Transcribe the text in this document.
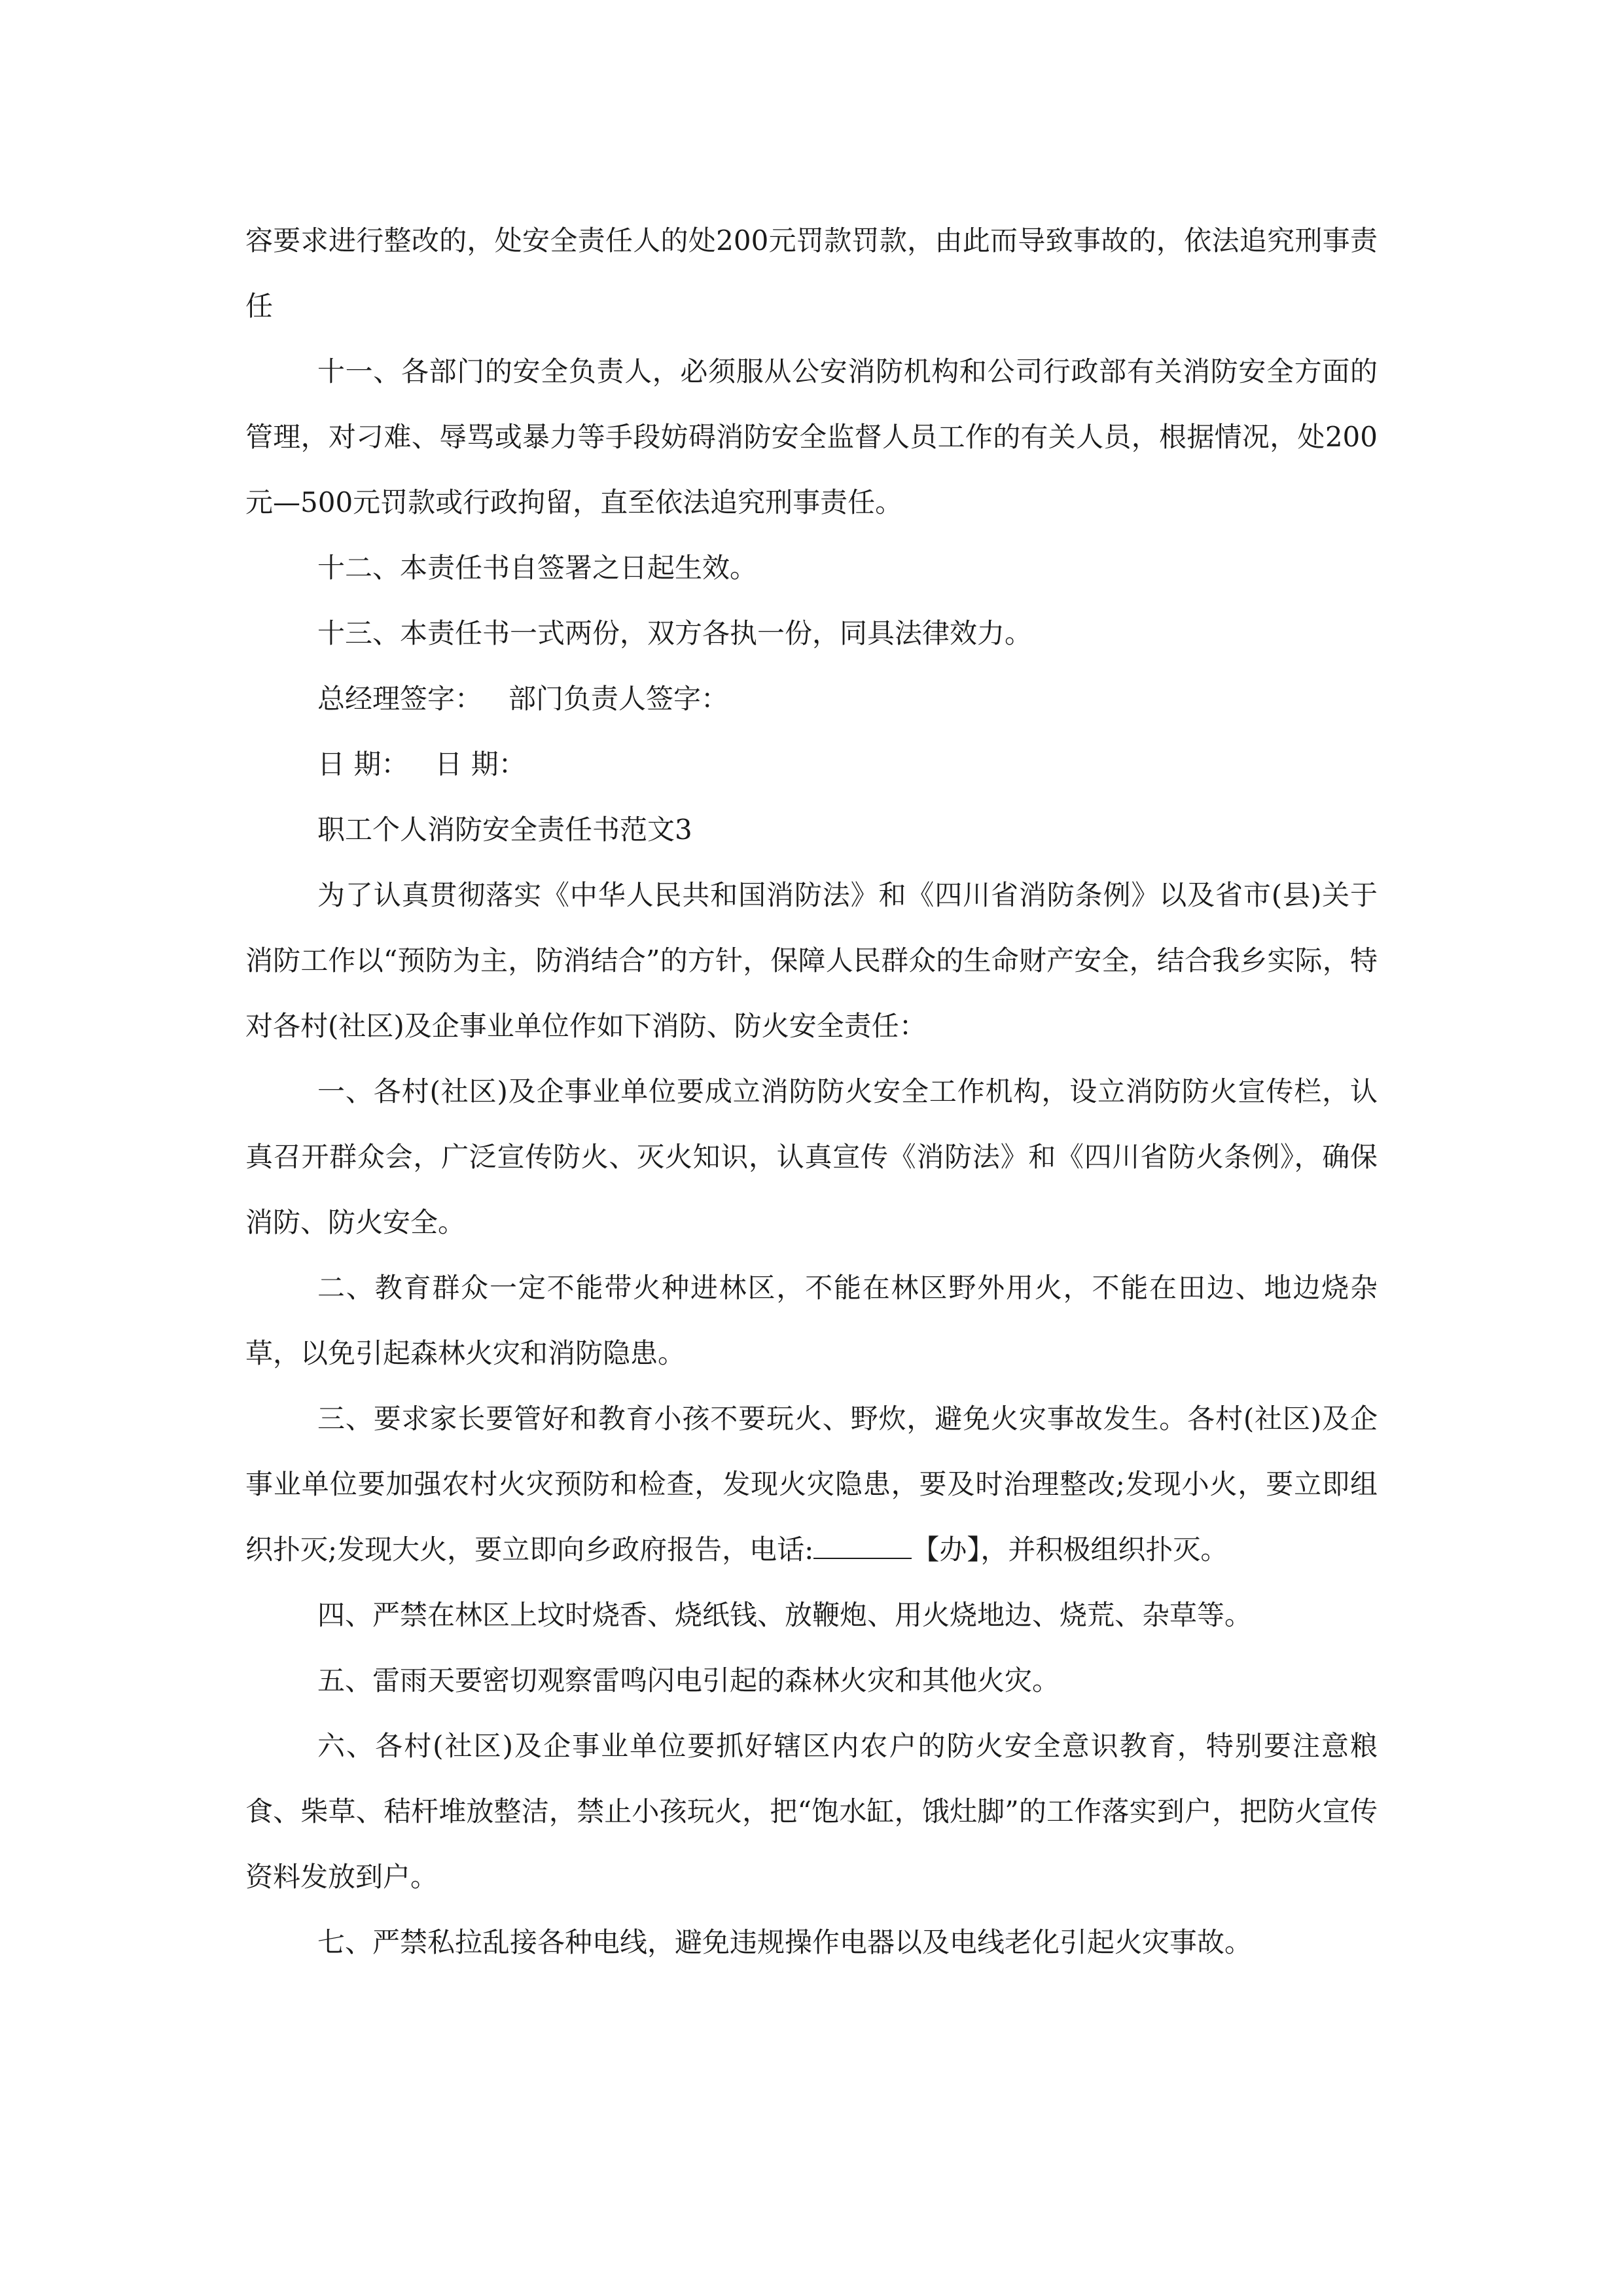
容要求进行整改的，处安全责任人的处200元罚款罚款，由此而导致事故的，依法追究刑事责任

十一、各部门的安全负责人，必须服从公安消防机构和公司行政部有关消防安全方面的管理，对刁难、辱骂或暴力等手段妨碍消防安全监督人员工作的有关人员，根据情况，处200元—500元罚款或行政拘留，直至依法追究刑事责任。

十二、本责任书自签署之日起生效。

十三、本责任书一式两份，双方各执一份，同具法律效力。

总经理签字： 部门负责人签字：

日 期： 日 期：

职工个人消防安全责任书范文3

为了认真贯彻落实《中华人民共和国消防法》和《四川省消防条例》以及省市(县)关于消防工作以“预防为主，防消结合”的方针，保障人民群众的生命财产安全，结合我乡实际，特对各村(社区)及企事业单位作如下消防、防火安全责任：

一、各村(社区)及企事业单位要成立消防防火安全工作机构，设立消防防火宣传栏，认真召开群众会，广泛宣传防火、灭火知识，认真宣传《消防法》和《四川省防火条例》，确保消防、防火安全。

二、教育群众一定不能带火种进林区，不能在林区野外用火，不能在田边、地边烧杂草，以免引起森林火灾和消防隐患。

三、要求家长要管好和教育小孩不要玩火、野炊，避免火灾事故发生。各村(社区)及企事业单位要加强农村火灾预防和检查，发现火灾隐患，要及时治理整改;发现小火，要立即组织扑灭;发现大火，要立即向乡政府报告，电话:	【办】，并积极组织扑灭。

四、严禁在林区上坟时烧香、烧纸钱、放鞭炮、用火烧地边、烧荒、杂草等。

五、雷雨天要密切观察雷鸣闪电引起的森林火灾和其他火灾。

六、各村(社区)及企事业单位要抓好辖区内农户的防火安全意识教育，特别要注意粮食、柴草、秸杆堆放整洁，禁止小孩玩火，把“饱水缸，饿灶脚”的工作落实到户，把防火宣传资料发放到户。

七、严禁私拉乱接各种电线，避免违规操作电器以及电线老化引起火灾事故。
